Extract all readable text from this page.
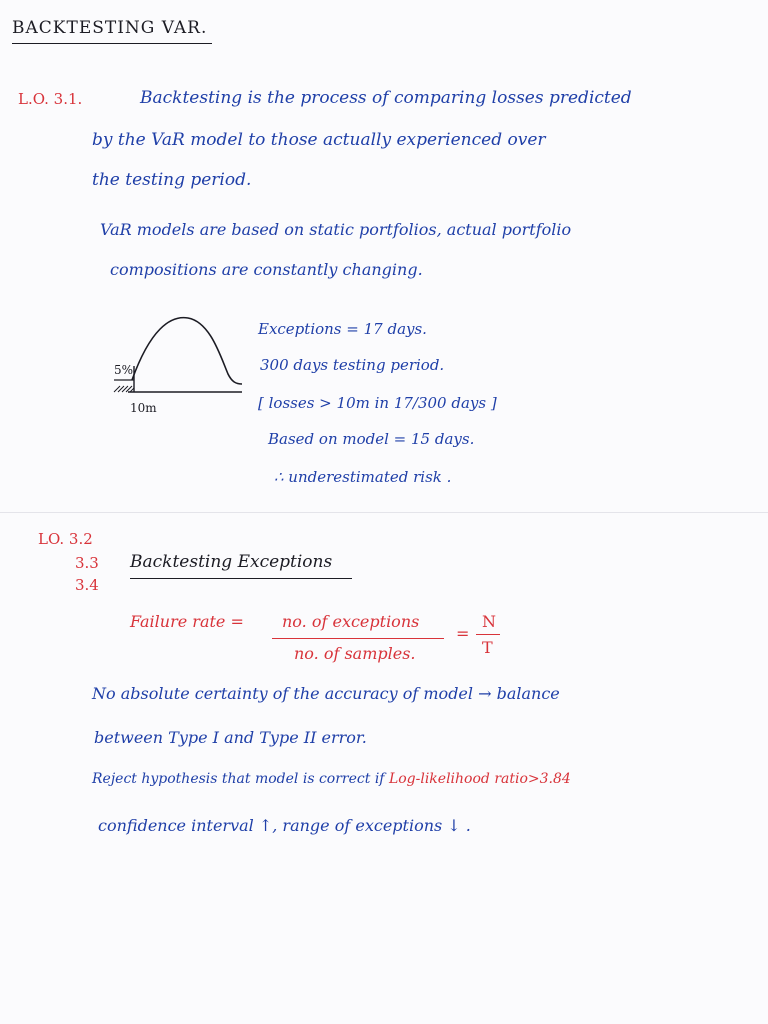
BACKTESTING VAR.
L.O. 3.1.	Backtesting is the process of comparing losses predicted
by the VaR model to those actually experienced over
the testing period.
VaR models are based on static portfolios, actual portfolio
compositions are constantly changing.
5%
10m
Exceptions = 17 days.
300 days testing period.
[ losses > 10m in 17/300 days ]
Based on model = 15 days.
∴ underestimated risk .
LO. 3.2
3.3
3.4
Backtesting Exceptions
Failure rate = no. of exceptions
no. of samples.
=
N
T
No absolute certainty of the accuracy of model → balance
between Type I and Type II error.
Reject hypothesis that model is correct if Log-likelihood ratio>3.84
confidence interval ↑, range of exceptions ↓ .
